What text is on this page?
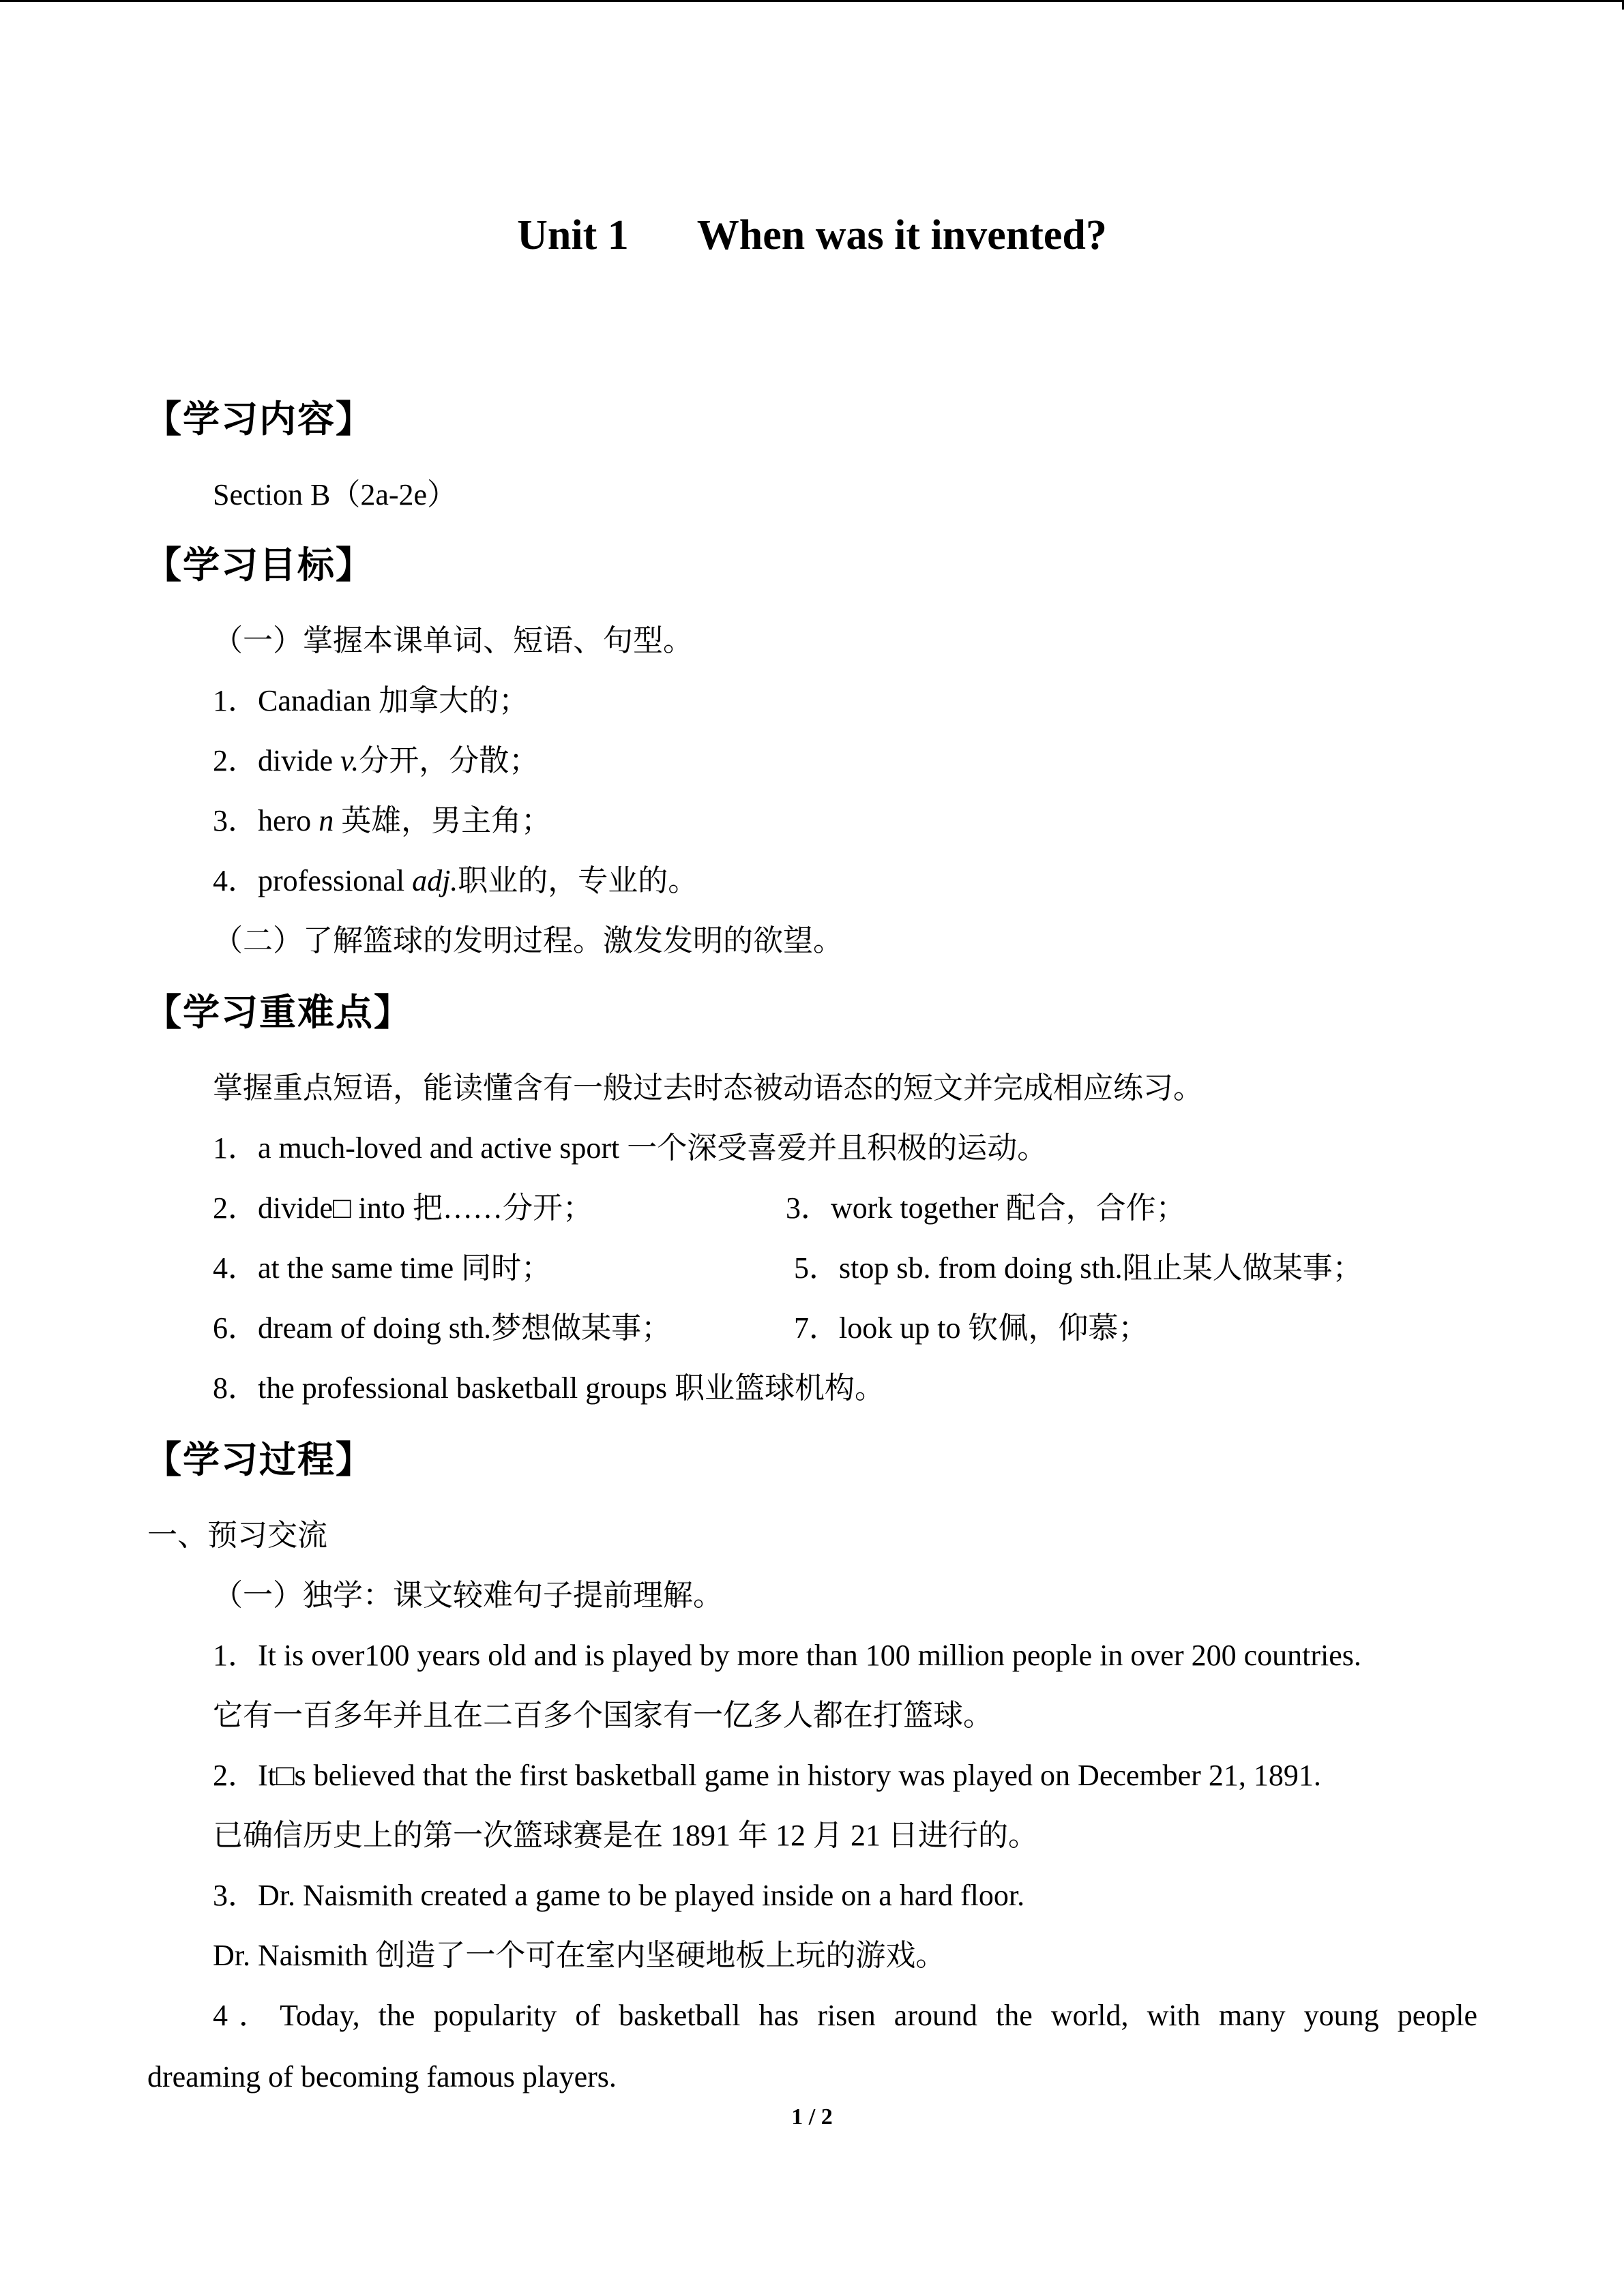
Unit 1 When was it invented?
【学习内容】
Section B（2a-2e）
【学习目标】
（一）掌握本课单词、短语、句型。
1．Canadian 加拿大的；
2．divide v.分开，分散；
3．hero n 英雄，男主角；
4．professional adj.职业的，专业的。
（二）了解篮球的发明过程。激发发明的欲望。
【学习重难点】
掌握重点短语，能读懂含有一般过去时态被动语态的短文并完成相应练习。
1．a much-loved and active sport 一个深受喜爱并且积极的运动。
2．divide□ into 把……分开；	3．work together 配合，合作；
4．at the same time 同时；	5．stop sb. from doing sth.阻止某人做某事；
6．dream of doing sth.梦想做某事；	7．look up to 钦佩，仰慕；
8．the professional basketball groups 职业篮球机构。
【学习过程】
一、预习交流
（一）独学：课文较难句子提前理解。
1．It is over100 years old and is played by more than 100 million people in over 200 countries.
它有一百多年并且在二百多个国家有一亿多人都在打篮球。
2．It□s believed that the first basketball game in history was played on December 21, 1891.
已确信历史上的第一次篮球赛是在 1891 年 12 月 21 日进行的。
3．Dr. Naismith created a game to be played inside on a hard floor.
Dr. Naismith 创造了一个可在室内坚硬地板上玩的游戏。
4．Today, the popularity of basketball has risen around the world, with many young people
dreaming of becoming famous players.
1 / 2
